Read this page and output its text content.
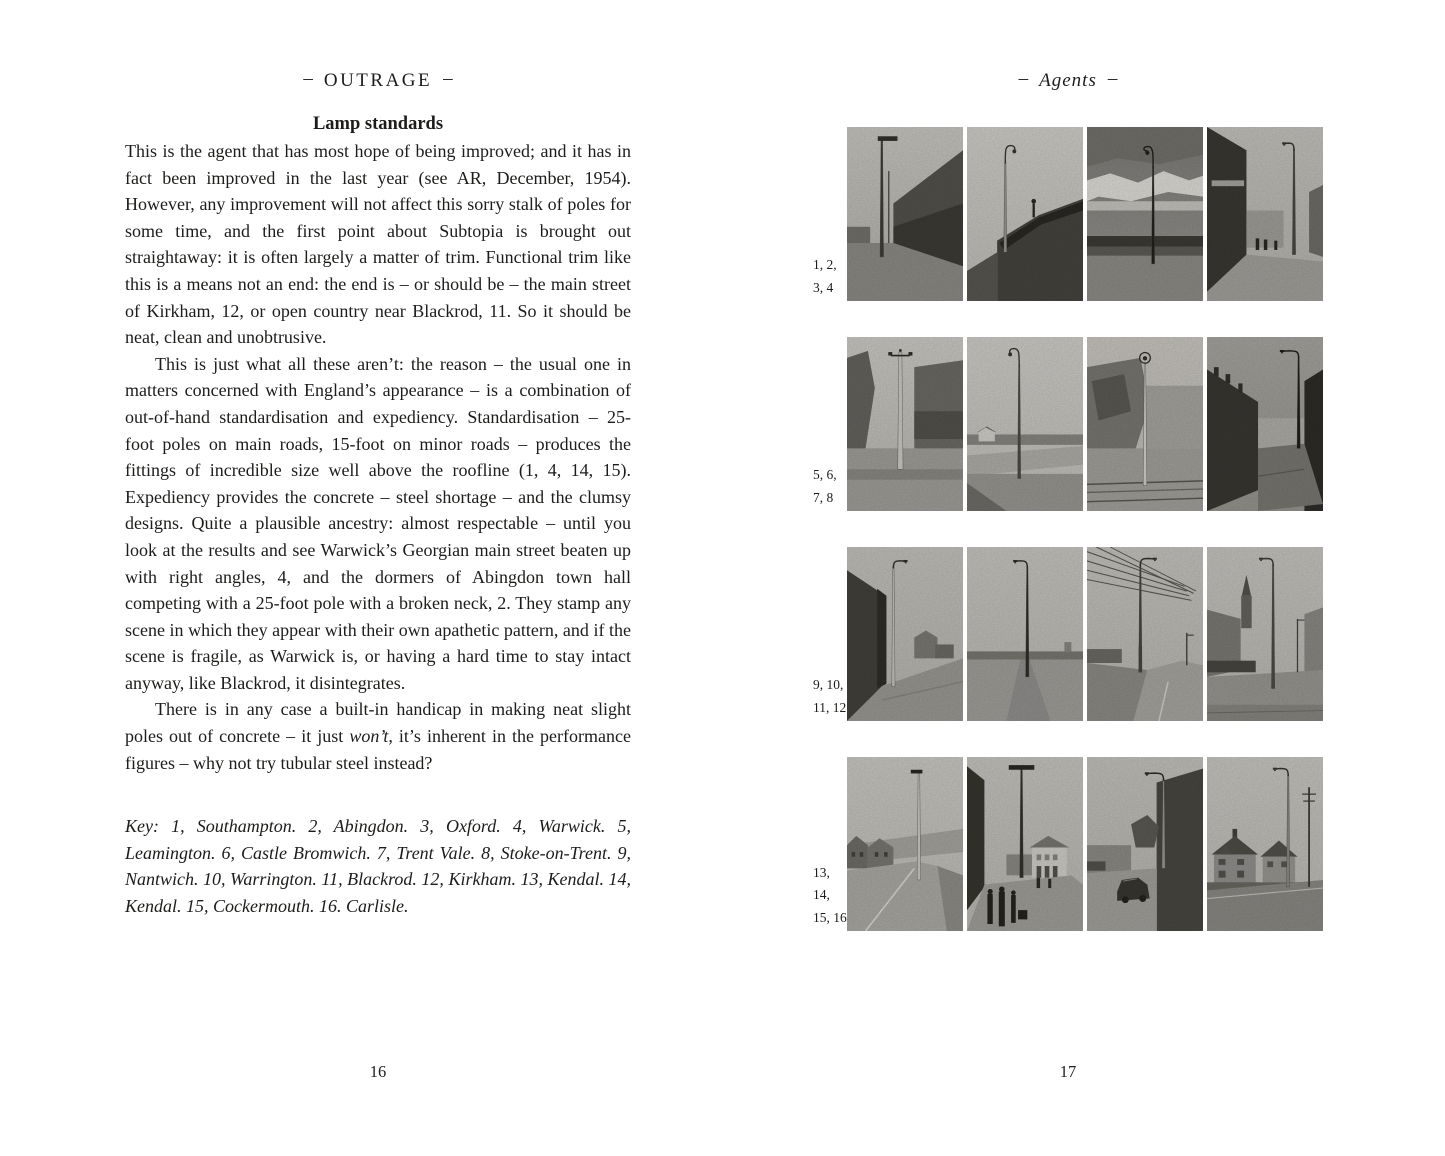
– OUTRAGE –
Lamp standards

This is the agent that has most hope of being improved; and it has in fact been improved in the last year (see AR, December, 1954). However, any improvement will not affect this sorry stalk of poles for some time, and the first point about Subtopia is brought out straightaway: it is often largely a matter of trim. Functional trim like this is a means not an end: the end is – or should be – the main street of Kirkham, 12, or open country near Blackrod, 11. So it should be neat, clean and unobtrusive.

This is just what all these aren’t: the reason – the usual one in matters concerned with England’s appearance – is a combination of out-of-hand standardisation and expediency. Standardisation – 25-foot poles on main roads, 15-foot on minor roads – produces the fittings of incredible size well above the roofline (1, 4, 14, 15). Expediency provides the concrete – steel shortage – and the clumsy designs. Quite a plausible ancestry: almost respectable – until you look at the results and see Warwick’s Georgian main street beaten up with right angles, 4, and the dormers of Abingdon town hall competing with a 25-foot pole with a broken neck, 2. They stamp any scene in which they appear with their own apathetic pattern, and if the scene is fragile, as Warwick is, or having a hard time to stay intact anyway, like Blackrod, it disintegrates.

There is in any case a built-in handicap in making neat slight poles out of concrete – it just won’t, it’s inherent in the performance figures – why not try tubular steel instead?

Key: 1, Southampton. 2, Abingdon. 3, Oxford. 4, Warwick. 5, Leamington. 6, Castle Bromwich. 7, Trent Vale. 8, Stoke-on-Trent. 9, Nantwich. 10, Warrington. 11, Blackrod. 12, Kirkham. 13, Kendal. 14, Kendal. 15, Cockermouth. 16. Carlisle.

16
– Agents –
1, 2,
3, 4
5, 6,
7, 8
9, 10,
11, 12
13, 14,
15, 16
17
